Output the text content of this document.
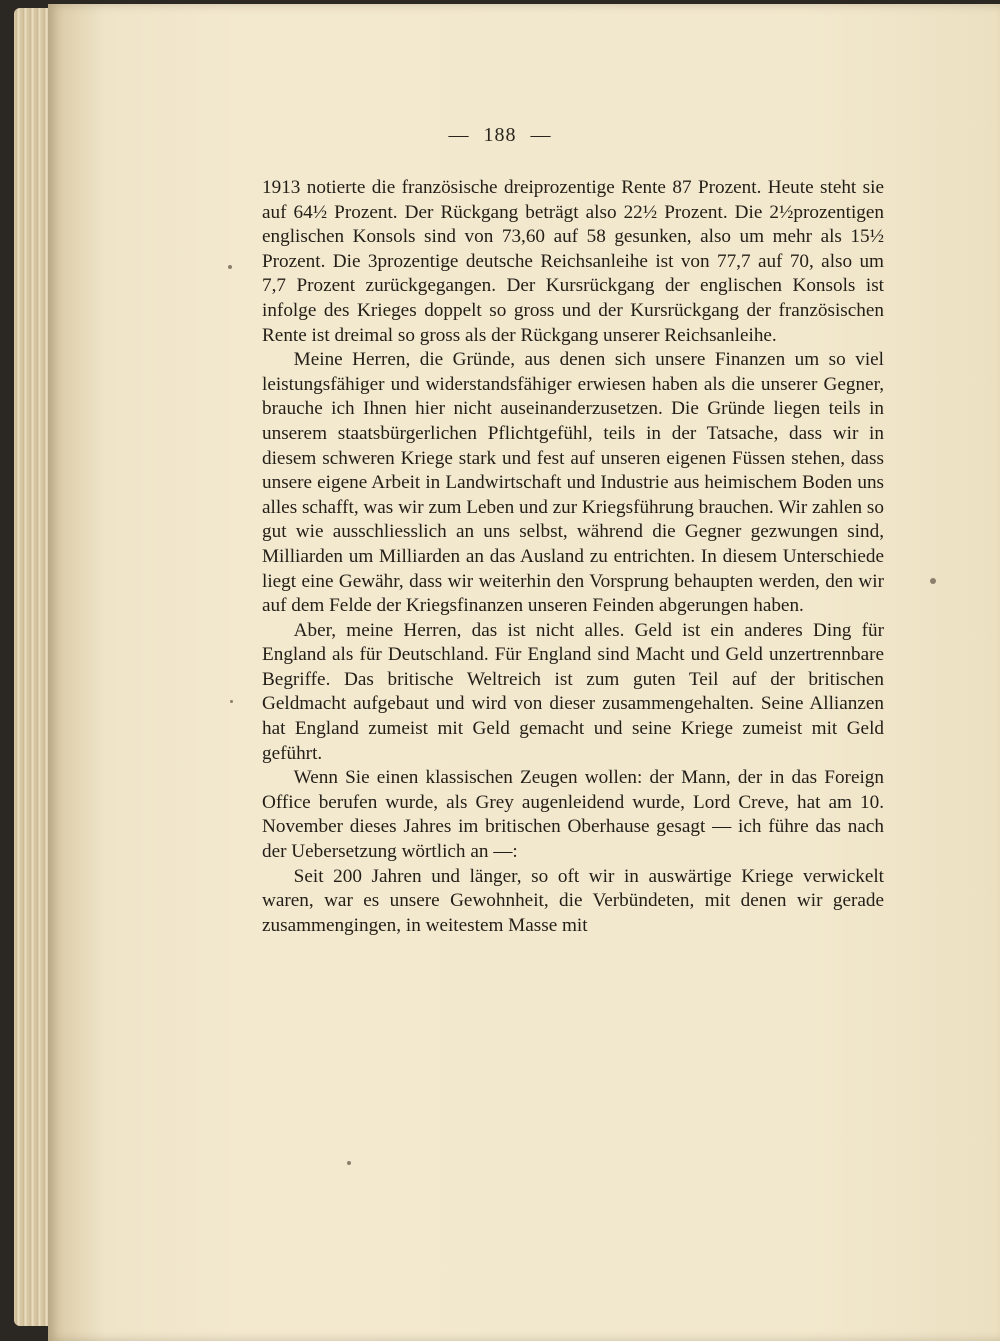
— 188 —

1913 notierte die französische dreiprozentige Rente 87 Prozent. Heute steht sie auf 64½ Prozent. Der Rückgang beträgt also 22½ Prozent. Die 2½prozentigen englischen Konsols sind von 73,60 auf 58 gesunken, also um mehr als 15½ Prozent. Die 3prozentige deutsche Reichsanleihe ist von 77,7 auf 70, also um 7,7 Prozent zurückgegangen. Der Kursrückgang der englischen Konsols ist infolge des Krieges doppelt so gross und der Kursrückgang der französischen Rente ist dreimal so gross als der Rückgang unserer Reichsanleihe.

Meine Herren, die Gründe, aus denen sich unsere Finanzen um so viel leistungsfähiger und widerstandsfähiger erwiesen haben als die unserer Gegner, brauche ich Ihnen hier nicht auseinanderzusetzen. Die Gründe liegen teils in unserem staatsbürgerlichen Pflichtgefühl, teils in der Tatsache, dass wir in diesem schweren Kriege stark und fest auf unseren eigenen Füssen stehen, dass unsere eigene Arbeit in Landwirtschaft und Industrie aus heimischem Boden uns alles schafft, was wir zum Leben und zur Kriegsführung brauchen. Wir zahlen so gut wie ausschliesslich an uns selbst, während die Gegner gezwungen sind, Milliarden um Milliarden an das Ausland zu entrichten. In diesem Unterschiede liegt eine Gewähr, dass wir weiterhin den Vorsprung behaupten werden, den wir auf dem Felde der Kriegsfinanzen unseren Feinden abgerungen haben.

Aber, meine Herren, das ist nicht alles. Geld ist ein anderes Ding für England als für Deutschland. Für England sind Macht und Geld unzertrennbare Begriffe. Das britische Weltreich ist zum guten Teil auf der britischen Geldmacht aufgebaut und wird von dieser zusammengehalten. Seine Allianzen hat England zumeist mit Geld gemacht und seine Kriege zumeist mit Geld geführt.

Wenn Sie einen klassischen Zeugen wollen: der Mann, der in das Foreign Office berufen wurde, als Grey augenleidend wurde, Lord Creve, hat am 10. November dieses Jahres im britischen Oberhause gesagt — ich führe das nach der Uebersetzung wörtlich an —:

Seit 200 Jahren und länger, so oft wir in auswärtige Kriege verwickelt waren, war es unsere Gewohnheit, die Verbündeten, mit denen wir gerade zusammengingen, in weitestem Masse mit
